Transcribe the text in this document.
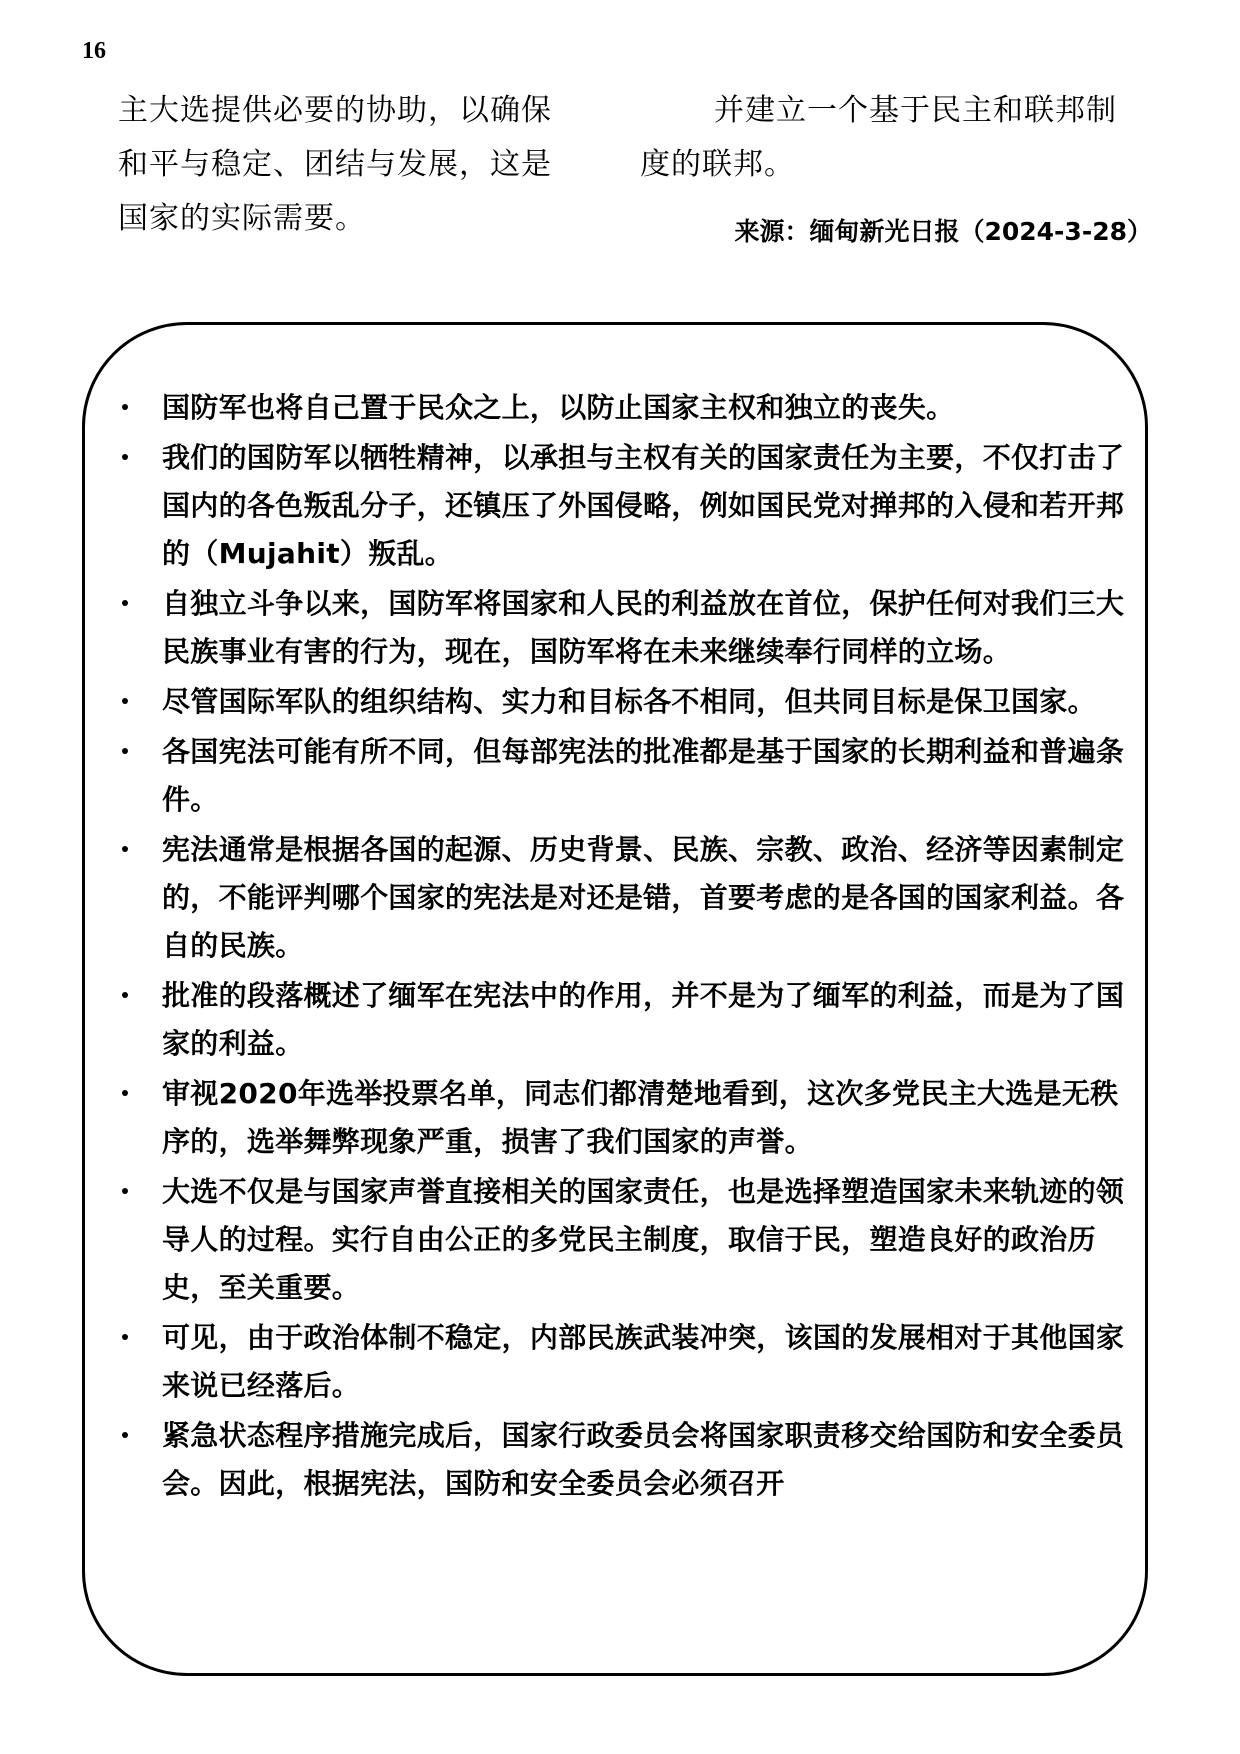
16
主大选提供必要的协助，以确保
和平与稳定、团结与发展，这是
国家的实际需要。
并建立一个基于民主和联邦制
度的联邦。
来源：缅甸新光日报（2024-3-28）
国防军也将自己置于民众之上，以防止国家主权和独立的丧失。
我们的国防军以牺牲精神，以承担与主权有关的国家责任为主要，不仅打击了国内的各色叛乱分子，还镇压了外国侵略，例如国民党对掸邦的入侵和若开邦的（Mujahit）叛乱。
自独立斗争以来，国防军将国家和人民的利益放在首位，保护任何对我们三大民族事业有害的行为，现在，国防军将在未来继续奉行同样的立场。
尽管国际军队的组织结构、实力和目标各不相同，但共同目标是保卫国家。
各国宪法可能有所不同，但每部宪法的批准都是基于国家的长期利益和普遍条件。
宪法通常是根据各国的起源、历史背景、民族、宗教、政治、经济等因素制定的，不能评判哪个国家的宪法是对还是错，首要考虑的是各国的国家利益。各自的民族。
批准的段落概述了缅军在宪法中的作用，并不是为了缅军的利益，而是为了国家的利益。
审视2020年选举投票名单，同志们都清楚地看到，这次多党民主大选是无秩序的，选举舞弊现象严重，损害了我们国家的声誉。
大选不仅是与国家声誉直接相关的国家责任，也是选择塑造国家未来轨迹的领导人的过程。实行自由公正的多党民主制度，取信于民，塑造良好的政治历史，至关重要。
可见，由于政治体制不稳定，内部民族武装冲突，该国的发展相对于其他国家来说已经落后。
紧急状态程序措施完成后，国家行政委员会将国家职责移交给国防和安全委员会。因此，根据宪法，国防和安全委员会必须召开
